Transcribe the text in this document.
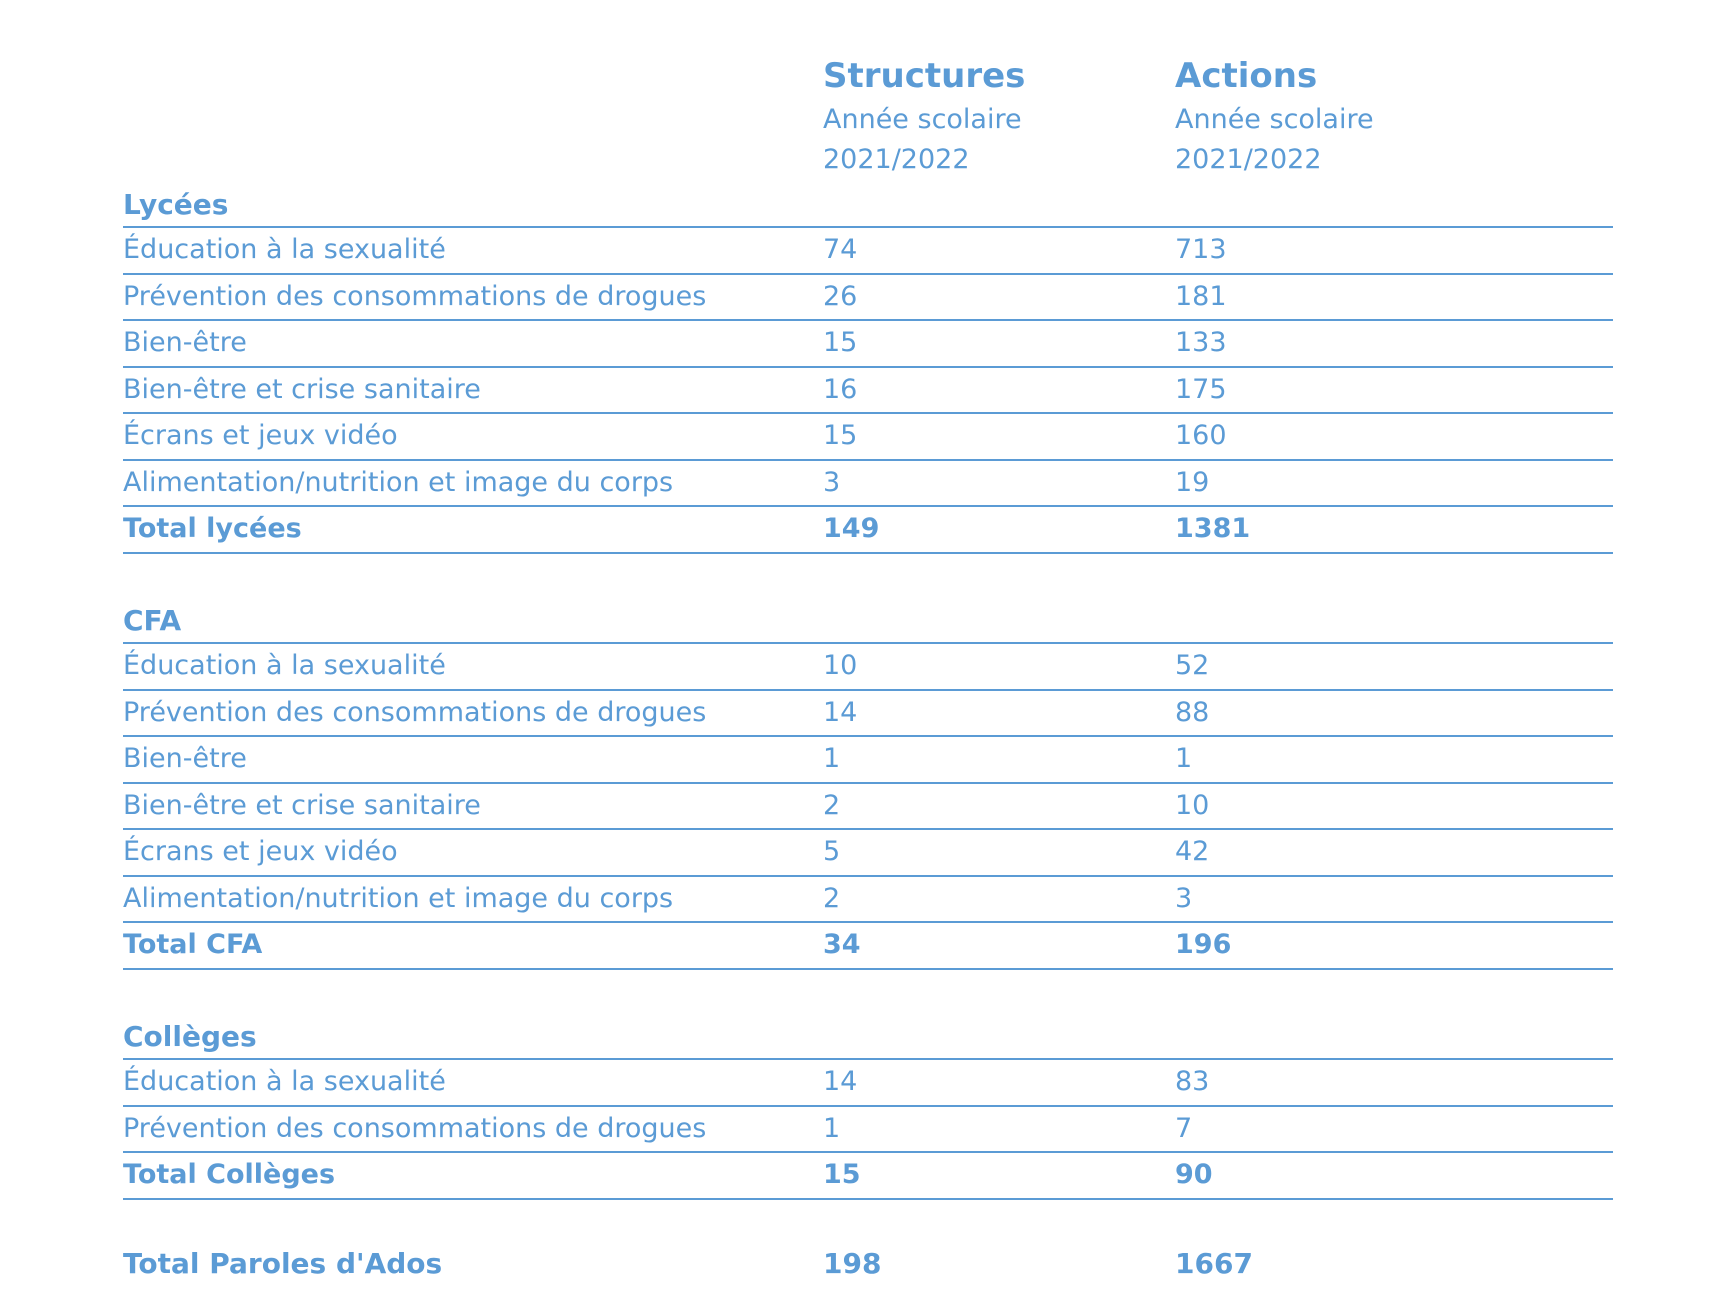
Structures
Année scolaire
2021/2022
Actions
Année scolaire
2021/2022
Lycées
Éducation à la sexualité	74	713
Prévention des consommations de drogues	26	181
Bien-être	15	133
Bien-être et crise sanitaire	16	175
Écrans et jeux vidéo	15	160
Alimentation/nutrition et image du corps	3	19
Total lycées	149	1381
CFA
Éducation à la sexualité	10	52
Prévention des consommations de drogues	14	88
Bien-être	1	1
Bien-être et crise sanitaire	2	10
Écrans et jeux vidéo	5	42
Alimentation/nutrition et image du corps	2	3
Total CFA	34	196
Collèges
Éducation à la sexualité	14	83
Prévention des consommations de drogues	1	7
Total Collèges	15	90
Total Paroles d'Ados	198	1667
